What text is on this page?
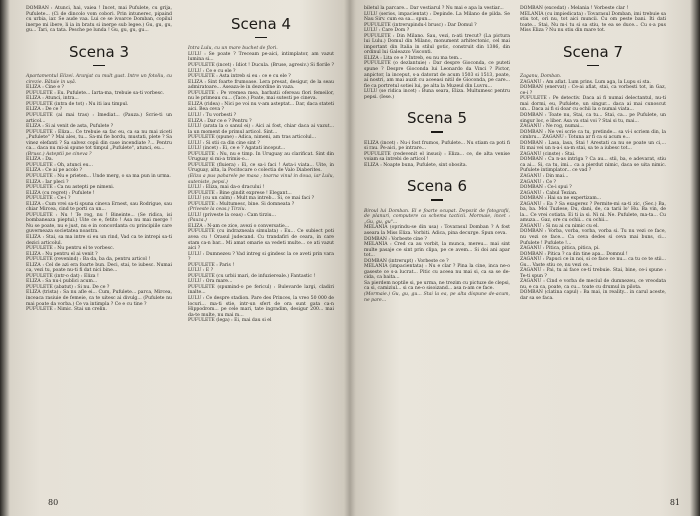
DOMBAN : Atunci, hai, vaiea ! Incet, mai Pufulete, cu grija, Pufulete... (Ci de dincolo vom cobori. Prin intunerec, pipaind cu urbia, iar. Se aude vaa. Lui ce se ivoarce Domban, copilul inerpe mi ibere, li ia in bratu si inerpe sub legee.) Gu, gu, gu, gu... Tari, ca tata. Pesche pe lunda ! Gu, gu, gu, gu...

Scena 3

Apartamentul Elizei. Aranjat cu mult gust. Intre un fotoliu, cu cirezie. Bătaie in ușă.

ELIZA : Cine e ?

PUFULETE : Eu. Pufulete... Iarta-ma, trebuie sa-ti vorbesc.

ELIZA : Atunci, intra...

PUFULETE (intra de tot) : Nu iti iau timpul.

ELIZA : De ce ?

PUFULETE (ai mai tras) : Imediat... (Pauza.) Scrie-ti un articol...

ELIZA : Si ai venit de asta, Pufulete ?

PUFULETE : Eliza... Ce trebuie sa fac eu, ca sa nu mai ziceti „Pufulete" ? Mai ales, tu... Sa-mi fie bordu, mustati, plete ? Sa vinez elefanti ? Sa salvez copii din case incendiate ?... Pentru ca... daca nu mi-ai spune tot timpul „Pufulete", atunci, eu...

(Brusc.) Asteptii pe cineva ?

ELIZA : Da.

PUFULETE : Oh, atunci eu...

ELIZA : Ce ai pe acolo ?

PUFULETE : Nu e prieten... Unde merg, o sa ma pun in urma.

ELIZA : Iar pleci ?

PUFULETE : Ca nu astepti pe nimeni.

ELIZA (cu regret) : Pufulete !

PUFULETE : Ce-i ?

ELIZA : Cum vrei sa-ti spuna cineva Ernest, sau Rodrigue, sau chiar Mircea, cind te porti ca un...

PUFULETE : Nu ! Te rog, nu ! Bineinte... (Se ridica, isi bombaneaza pieptul.) Uite ce e, fetito ! Asa nu mai merge ! Nu se poate, nu e just, nu e in concordanta cu principiile care guverneaza societatea noastra.

ELIZA : Stai, sa ma intre si eu un rind, Vad ca te intrepi sa-ti dezici articolul.

PUFULETE : Nu pentru el te vorbesc.

ELIZA : Nu pentru el ai venit ?

PUFULETE (revenind) : Ba da, ba da, pentru articol !

ELIZA : Cel de azi era foarte bun. Deci, stai, te iubesc. Numai ca, vezi tu, poate nu-ti fi dat nici bine...

PUFULETE (intr-o dat) : Eliza !

ELIZA : Sa nu-i publici acum...

PUFULETE (abatut) : Si nu. De ce ?

ELIZA (trista) : Sa nu afle ei... Cum, Pufulete... parca, Mircea, inceaca rasiuie de femeie, ca te uitesc ai divulg... (Pufulete nu mai poate da vorba.) Ce va intimpla ? Ce e cu tine ?

PUFULETE : Nimic. Stai un crelin.

Scena 4

Intra Lulu, cu un mare buchet de flori.

LULU : Se poate ? Treceam pe-aici, intimplator, am vazut lumina si...

PUFULETE (incet) : Idiot ! Ducula. (Bruse, agresiv.) Si florile ?

LULU : Ce e cu ele ?

PUFULETE : Asta intreb si eu : ce e cu ele ?

ELIZA : Sint foarte frumoase. Lera presat, desigur, de la seau admiratoare... Aseaza-le in dezordine in vaza.

PUFULETE : Pe vremea mea, barbatii ofereau flori femeilor, nu le primeau cu... (Tace.) Poate, mai sutesti pe cineva.

ELIZA (ridea) : Nici pe voi nu v-am asteptat... Dar, daca stateti aici. Bea ceva ?

LULU : Tu vorbesti ?

ELIZA : Dar ce e ? Pentru ?

LULU (arata la o sanul ei) : Aici ai fost, chiar daca ai vazut... la un moment de primul articol. Sint...

PUFULETE (spune) : Adica, nimeni, am tras articolul...

LULU : Si stii ca din cine sint ?

LULU (incet) : Ei, ce e ? Agatati inceput...

PUFULETE : Nu, nu e timp. In Uruguay au clarificat. Sint din Uruguay si mi-a trimis-o...

PUFULETE (fluiera) : Ei, ce sa-i faci ! Asta-i viata... Uite, in Uruguay, alta, la Pocitocare o colectia de Valo Diaberites.

(Eliza a pus paharele pe masa ; toarna vinul in doua, iar Lulu, suteniste, pepsi.)

LULU : Eliza, mai da-o dracului !

PUFULETE : Bine gindit exprese ! Elegant...

LULU (cu un calm) : Mult ma intreb... Si, ce mai faci ?

PUFULETE : Multumesc, bine. Si domneata ?

(Priveste la ceas.) Tirziu.

LULU (priveste la ceas) : Cam tirziu...

(Pauza.)

ELIZA : N-am ce zice, avezi o conversatie...

PUFULETE (cu indrazneala simulata) : Eu... Ce subiect poti avea cu ! Orasul judecand. Cu trandafiri de ceara, in care stam ca-n bar... Mi amat omarie sa vedeti multe... ce ati vazut aici ?

LULU : Dumnezeu ? Vad intreg si gindesc la ce aveti prin vara ?

PUFULETE : Paris !

LULU : E ?

PUFULETE (cu urbii mari, de infuziereale.) Fantastic !

LULU : Ora mare...

PUFULETE (spumind-o pe fericul) : Bulevarde largi, cladiri inalte...

LULU : Ce despre stadion. Pare des Princes, la vreo 50 000 de locuri... ma-ti stie, intr-un sfert de ora sunt gata ca-n Hippodrom... pe cele mari, tate ingradim, desigur 200... mai da-te multe, nu mai m...

PUFULETE (lega) : Ei, mai dau si el

80

biletul la parcare... Dar vestiarul ? Nu mai e apa la vestiar...

LULU (serios, impacientat) : Depinde. La Milano de pilda. Se Nau Sirv. cum ea sa... spun...

PUFULETE (intrerupindu-l brusc) : Dar Domul ?

LULU : Care Dom ?

PUFULETE : Din Milano. Sau, vezi, n-ati trecut? (La pictura lui Lulu.) Domul din Milano, monument arhitectonic, cel mai important din Italia in stilul gotic, construit din 1386, din ordinul lui Galeazzo Visconti.

ELIZA : Lita ce e ? Intreb, eu nu ma tem...

PUFULETE (o dezlantuie) : Dar despre Gioconda, ce puteti spune ? Despre Gioconda lui Leonardo da Vinci ? Pictor, anpictor, la inceput, s-a datorat de acum 1503 si 1513, poate, ai nostri, am mai auzit cu aceeasi nitil de Gioconda, pe care... fie ca portretul sotiei lui, pe alta la Muzeul din Luvru...

LULU (se ridica incet) : Buna seara, Eliza. Multumesc pentru pepsi. (Iese.)

Scena 5

ELIZA (incet) : Nu-i fost frumos, Pufulete... Nu stiam ca poti fi si rau. Pe-aici, pe intrare...

PUFULETE (redevenit el insusi) : Eliza... ce, de alta venise voiam sa intrebi de articol !

ELIZA : Noapte buna, Pufulete, sint obosita.

Scena 6

Biroul lui Domban. El e foarte ocupat. Depozit de fotografii, de planuri, computere ca schema tacticii. Mormaie, incet : „Gu, gu, gu"...

MELANIA (oprindu-se din usa) : Tovarasul Domban ? A fost aseara la Miss Eliza. Vorbiti. Adica, pina decurge. Spun ceva.

DOMBAN : Vorbeste cine ?

MELANIA : Cred ca au vorbit, la munca, mereu... mai sint multe pasaje ce sint prin clipa, pe ce avem... Si doi ani apar tot...

DOMBAN (intrerupt) : Vorbeste ce ?

MELANIA (impacientata) : Nu e clar ? Pina la cine, inca ne-o gaseste ce s-a lucrat... Pitic cu aceea nu mai si, ca sa se de-cida, ca baita...

Sa pierdem noptile si, pe urma, ne trezim cu pictuze de clepsi, ca si, camiziul... si ca ne-o sisoizand... asa n-am ce face.

(Mormaie.) Gu, gu, gu... Stai la ea, pe alta dispune de-acum, ne pare...

DOMBAN (excedat) : Melania ! Vorbeste clar !

MELANIA (cu impiedicata) : Tovarasul Domban, imi trebuie sa stiu tot, ori nu, tot aici muncii. Cu om peste bani. Iti dati toate... Stai, Nu m-i tu si sa stiu, te ea se duce... Cu s-a pus Miss Eliza ? Nu nu stiu din mare tot.

Scena 7

Zaganu, Domban.

ZAGANU : Am aflat. Lum prins. Lum aga, la Lupu si sta.

DOMBAN (enervat) : Ce-ai aflat, stai, ca vorbesti tot, in Gaz, ce-i ?

PUFULETE : Pe detectiv. Daca ai fi numai delectantul, nu-ti mai dormi, eu, Pufulete, un singur... daca ai mai cunoscut un... Daca ai fi si doar cu ochii la o numai viata...

DOMBAN : Toate nu, Stai, ca tu... Stai, ca... pe Pufulete, un singur loc, e liber. Asa va stai voi ? Stai si tu, mai...

ZAGANU : Ne rog, numai...

DOMBAN : Ne vei scrie ca tu, pretinde... sa vi-i scriem din, la cimbru... ZAGANU : Totuna ar fi ca si acum e...

DOMBAN : Lasa, lasa, Stai ! Arestati ca nu se poate un ci,... Iti mai vei un n-a-i sa-m stai, sa te a iubesc tot...

ZAGANU (cinste) : Stai.

DOMBAN : Ca n-as intriga ? Ca au... stii, ba, e adevarat, stiu ca ai... Si, ca tu, imi... ca a pierdut nimic, daca se uita nimic. Pufulete intimplator... ce vad ?

ZAGANU : Din mai...

ZAGANU : Ce ?

DOMBAN : Ce-i spui ?

ZAGANU : Cabul Tezian.

DOMBAN : Hai sa ne expertizam...

ZAGANU : Ea ? Sa exagerez ? Permite-mi sa-ti zic, (Sec.) Ba, ba, ba. Moi Tuzlese, Du, dani, de, ca tarii lo' Hu. Ba vin, de la... Ce vrei cotiata. Ei ti ia si. Ni ni. Ne. Pufulete, ma-ta... Cu amuza... Gaz, ore cu ochii... cu ochii...

ZAGANU : Si nu ai cu nimic cu el.

DOMBAN : Vorba, vorba, vorba, vorba si. Tu nu vezi ce face, nu vezi ce face... Ca ceva dedes si ceva mai buns, ci... Pufulete ! Pufulete !...

ZAGANU : Pitica, pitica, pitica, pi.

DOMBAN : Pitica ? ca din tine apa... Domnul !

ZAGANU : Papuci ce in noi, si ce face ce nu... ca tu ce te stii... Gu... Vaste stiu ce, nu vezi ce...

ZAGANU : Pai, tu ai face ce-ti trebuie. Stai, bine, ce-i spune : Te-ti spun ?

ZAGANU : Cind e vorba de meciul de dumnezeu, ce vreodata nu, e ca ca, poate, ca cu... toate cu drumul in pilota.

DOMBAN (clatina capul) : Ba mai, in reality... in carul aceste, dar sa se faca.

81
